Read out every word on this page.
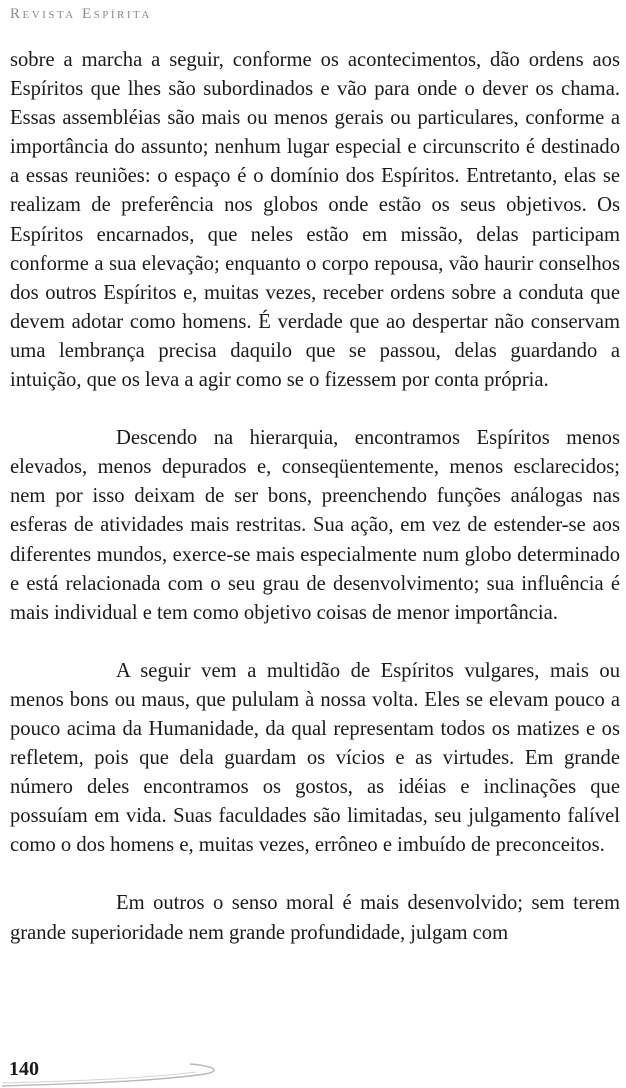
Revista Espírita

sobre a marcha a seguir, conforme os acontecimentos, dão ordens aos Espíritos que lhes são subordinados e vão para onde o dever os chama. Essas assembléias são mais ou menos gerais ou particulares, conforme a importância do assunto; nenhum lugar especial e circunscrito é destinado a essas reuniões: o espaço é o domínio dos Espíritos. Entretanto, elas se realizam de preferência nos globos onde estão os seus objetivos. Os Espíritos encarnados, que neles estão em missão, delas participam conforme a sua elevação; enquanto o corpo repousa, vão haurir conselhos dos outros Espíritos e, muitas vezes, receber ordens sobre a conduta que devem adotar como homens. É verdade que ao despertar não conservam uma lembrança precisa daquilo que se passou, delas guardando a intuição, que os leva a agir como se o fizessem por conta própria.

Descendo na hierarquia, encontramos Espíritos menos elevados, menos depurados e, conseqüentemente, menos esclarecidos; nem por isso deixam de ser bons, preenchendo funções análogas nas esferas de atividades mais restritas. Sua ação, em vez de estender-se aos diferentes mundos, exerce-se mais especialmente num globo determinado e está relacionada com o seu grau de desenvolvimento; sua influência é mais individual e tem como objetivo coisas de menor importância.

A seguir vem a multidão de Espíritos vulgares, mais ou menos bons ou maus, que pululam à nossa volta. Eles se elevam pouco a pouco acima da Humanidade, da qual representam todos os matizes e os refletem, pois que dela guardam os vícios e as virtudes. Em grande número deles encontramos os gostos, as idéias e inclinações que possuíam em vida. Suas faculdades são limitadas, seu julgamento falível como o dos homens e, muitas vezes, errôneo e imbuído de preconceitos.

Em outros o senso moral é mais desenvolvido; sem terem grande superioridade nem grande profundidade, julgam com

140
